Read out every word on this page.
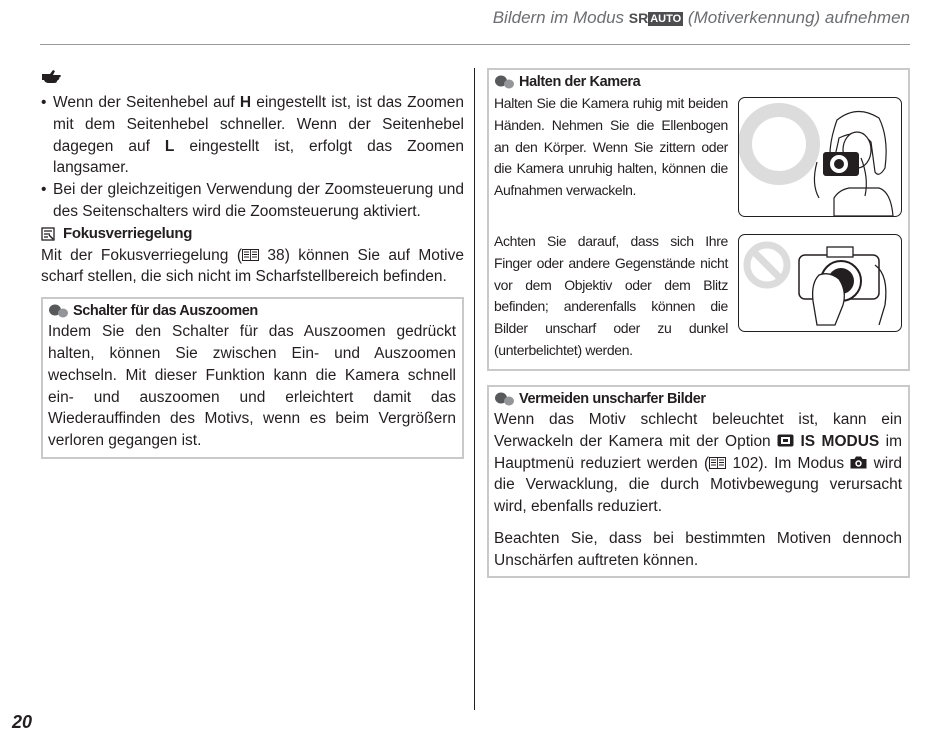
Bildern im Modus SR AUTO (Motiverkennung) aufnehmen
• Wenn der Seitenhebel auf H eingestellt ist, ist das Zoomen mit dem Seitenhebel schneller. Wenn der Seitenhebel dagegen auf L eingestellt ist, erfolgt das Zoomen langsamer.
• Bei der gleichzeitigen Verwendung der Zoomsteuerung und des Seitenschalters wird die Zoomsteuerung aktiviert.
Fokusverriegelung
Mit der Fokusverriegelung ( 38) können Sie auf Motive scharf stellen, die sich nicht im Scharfstellbereich befinden.
Schalter für das Auszoomen
Indem Sie den Schalter für das Auszoomen gedrückt halten, können Sie zwischen Ein- und Auszoomen wechseln. Mit dieser Funktion kann die Kamera schnell ein- und auszoomen und erleichtert damit das Wiederauffinden des Motivs, wenn es beim Vergrößern verloren gegangen ist.
Halten der Kamera
Halten Sie die Kamera ruhig mit beiden Händen. Nehmen Sie die Ellenbogen an den Körper. Wenn Sie zittern oder die Kamera unruhig halten, können die Aufnahmen verwackeln.
Achten Sie darauf, dass sich Ihre Finger oder andere Gegenstände nicht vor dem Objektiv oder dem Blitz befinden; anderenfalls können die Bilder unscharf oder zu dunkel (unterbelichtet) werden.
Vermeiden unscharfer Bilder
Wenn das Motiv schlecht beleuchtet ist, kann ein Verwackeln der Kamera mit der Option  IS MODUS im Hauptmenü reduziert werden ( 102). Im Modus  wird die Verwacklung, die durch Motivbewegung verursacht wird, ebenfalls reduziert.
Beachten Sie, dass bei bestimmten Motiven dennoch Unschärfen auftreten können.
20
